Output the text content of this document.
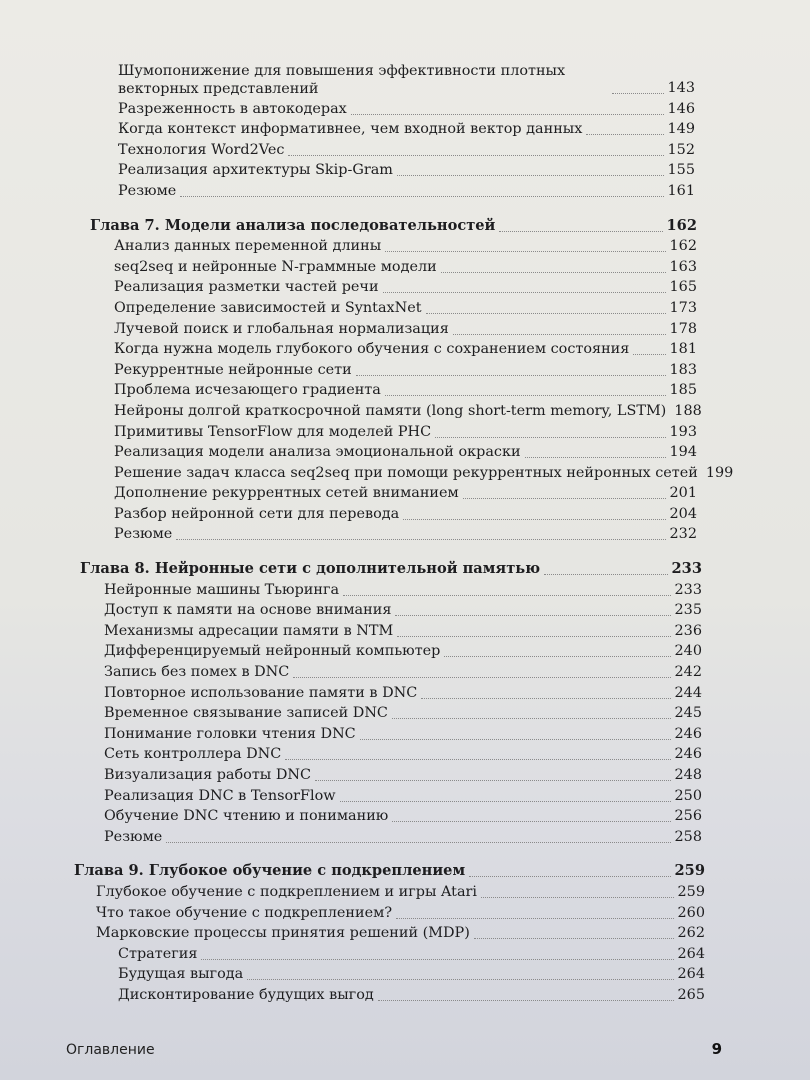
Шумопонижение для повышения эффективности плотных векторных представлений	143
Разреженность в автокодерах	146
Когда контекст информативнее, чем входной вектор данных	149
Технология Word2Vec	152
Реализация архитектуры Skip-Gram	155
Резюме	161
Глава 7. Модели анализа последовательностей	162
Анализ данных переменной длины	162
seq2seq и нейронные N-граммные модели	163
Реализация разметки частей речи	165
Определение зависимостей и SyntaxNet	173
Лучевой поиск и глобальная нормализация	178
Когда нужна модель глубокого обучения с сохранением состояния	181
Рекуррентные нейронные сети	183
Проблема исчезающего градиента	185
Нейроны долгой краткосрочной памяти (long short-term memory, LSTM) 188
Примитивы TensorFlow для моделей РНС	193
Реализация модели анализа эмоциональной окраски	194
Решение задач класса seq2seq при помощи рекуррентных нейронных сетей 199
Дополнение рекуррентных сетей вниманием	201
Разбор нейронной сети для перевода	204
Резюме	232
Глава 8. Нейронные сети с дополнительной памятью	233
Нейронные машины Тьюринга	233
Доступ к памяти на основе внимания	235
Механизмы адресации памяти в NTM	236
Дифференцируемый нейронный компьютер	240
Запись без помех в DNC	242
Повторное использование памяти в DNC	244
Временное связывание записей DNC	245
Понимание головки чтения DNC	246
Сеть контроллера DNC	246
Визуализация работы DNC	248
Реализация DNC в TensorFlow	250
Обучение DNC чтению и пониманию	256
Резюме	258
Глава 9. Глубокое обучение с подкреплением	259
Глубокое обучение с подкреплением и игры Atari	259
Что такое обучение с подкреплением?	260
Марковские процессы принятия решений (MDP)	262
Стратегия	264
Будущая выгода	264
Дисконтирование будущих выгод	265
Оглавление	9
